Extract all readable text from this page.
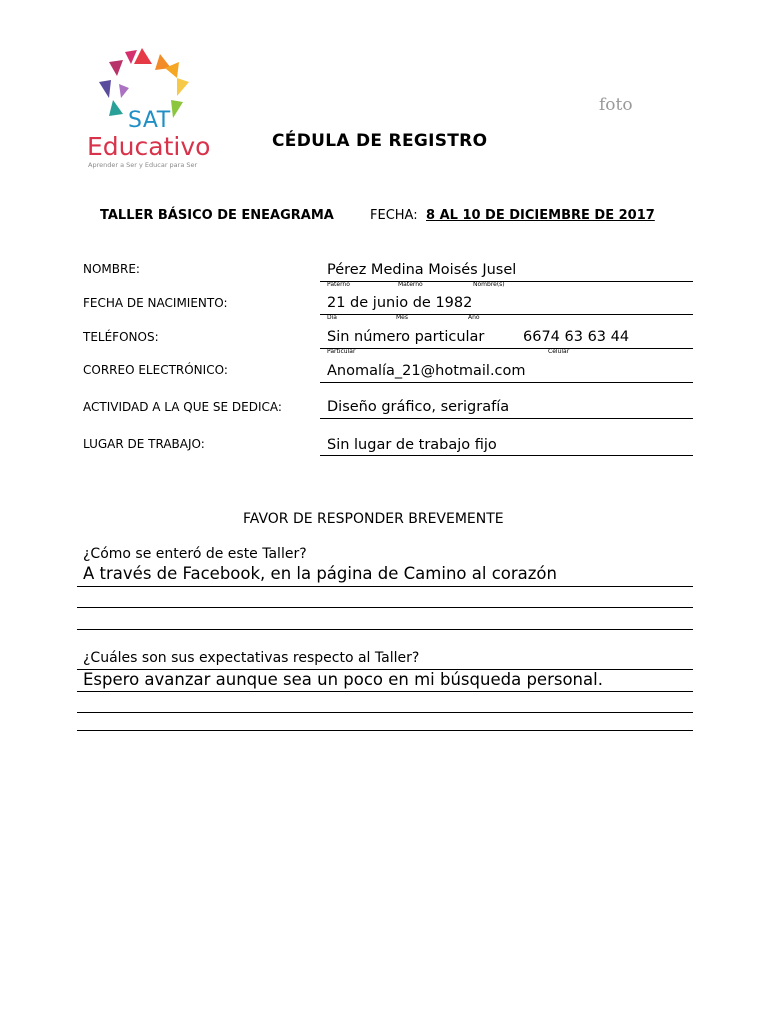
SAT
Educativo
Aprender a Ser y Educar para Ser
foto
CÉDULA DE REGISTRO
TALLER BÁSICO DE ENEAGRAMA	FECHA: 8 AL 10 DE DICIEMBRE DE 2017
NOMBRE:	Pérez Medina Moisés Jusel
Paterno	Materno	Nombre(s)
FECHA DE NACIMIENTO:	21 de junio de 1982
Día	Mes	Año
TELÉFONOS:	Sin número particular	6674 63 63 44
Particular	Celular
CORREO ELECTRÓNICO:	Anomalía_21@hotmail.com
ACTIVIDAD A LA QUE SE DEDICA:	Diseño gráfico, serigrafía
LUGAR DE TRABAJO:	Sin lugar de trabajo fijo
FAVOR DE RESPONDER BREVEMENTE
¿Cómo se enteró de este Taller?
A través de Facebook, en la página de Camino al corazón
¿Cuáles son sus expectativas respecto al Taller?
Espero avanzar aunque sea un poco en mi búsqueda personal.
